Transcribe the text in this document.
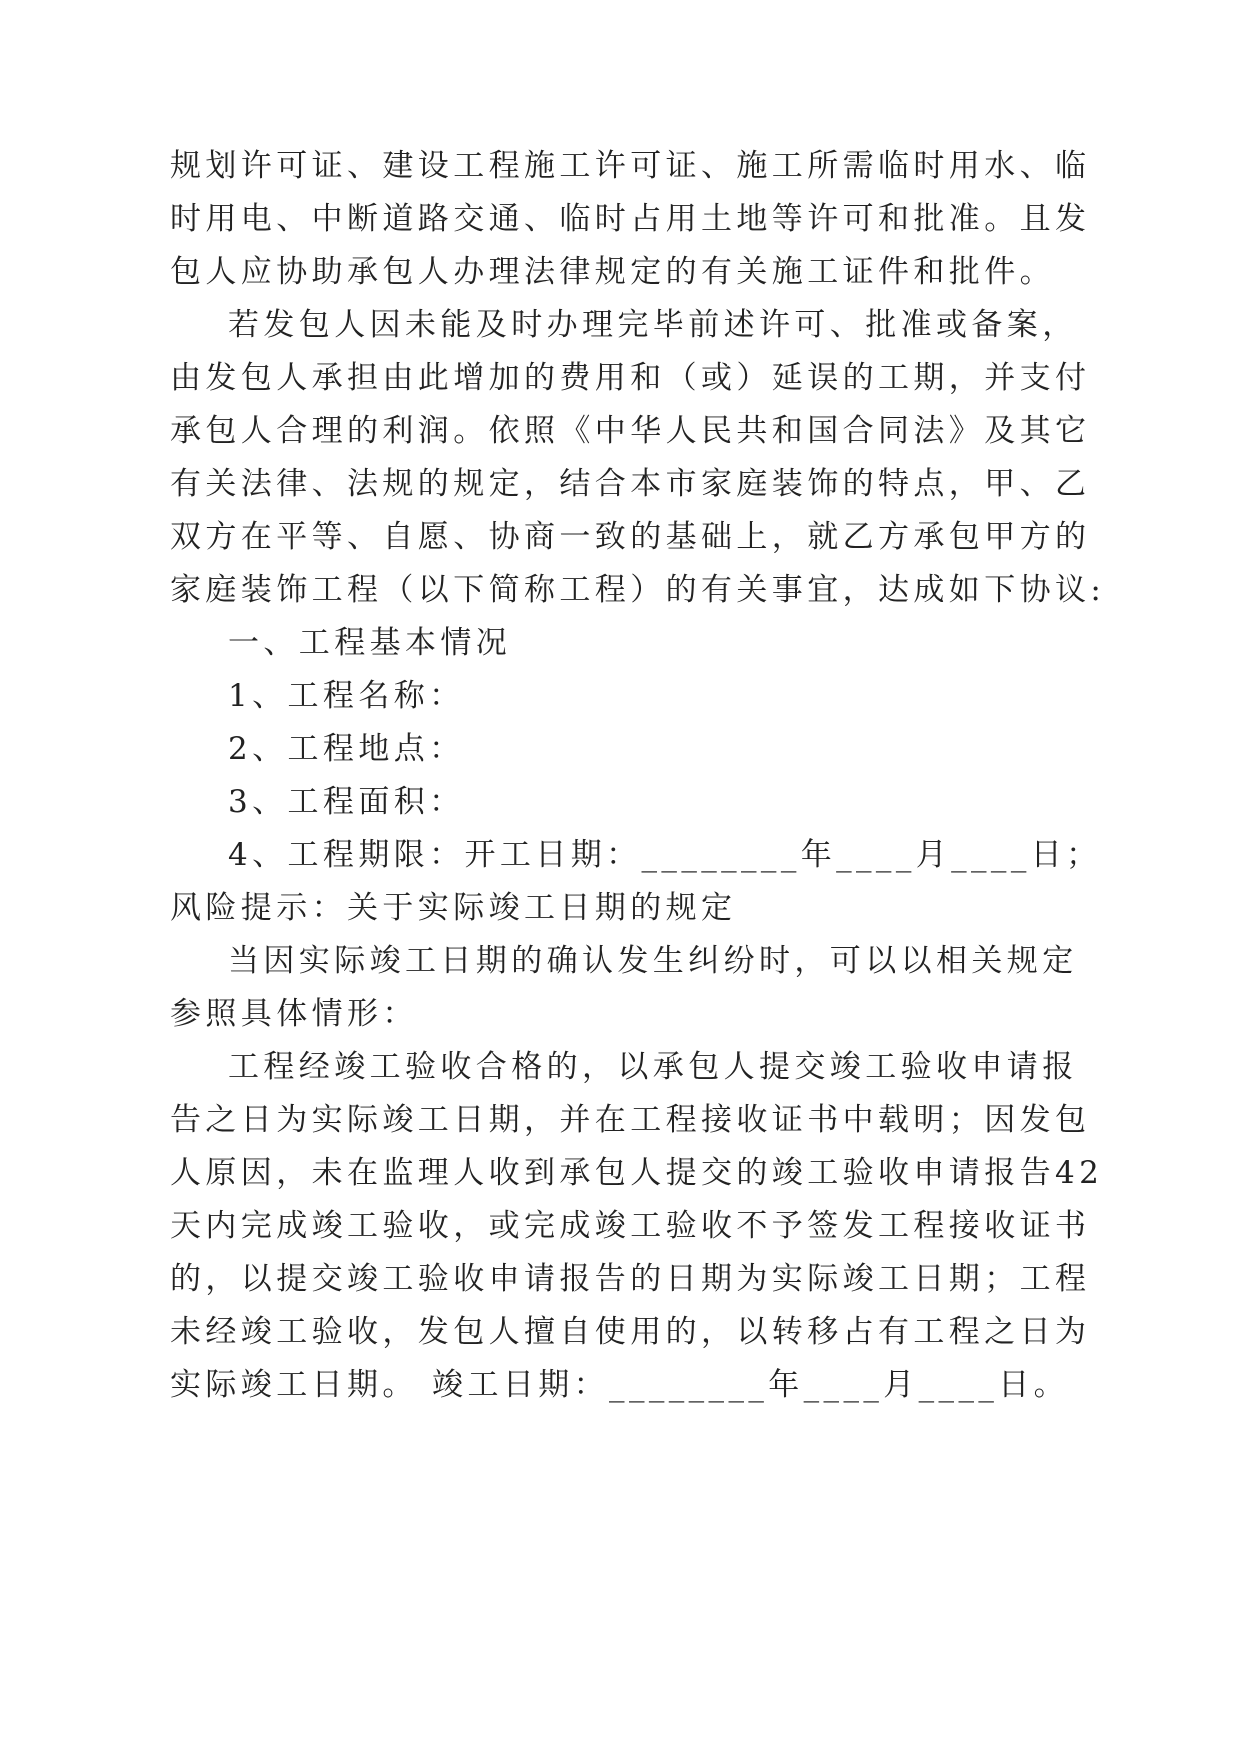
规划许可证、建设工程施工许可证、施工所需临时用水、临
时用电、中断道路交通、临时占用土地等许可和批准。且发
包人应协助承包人办理法律规定的有关施工证件和批件。
若发包人因未能及时办理完毕前述许可、批准或备案，
由发包人承担由此增加的费用和（或）延误的工期，并支付
承包人合理的利润。依照《中华人民共和国合同法》及其它
有关法律、法规的规定，结合本市家庭装饰的特点，甲、乙
双方在平等、自愿、协商一致的基础上，就乙方承包甲方的
家庭装饰工程（以下简称工程）的有关事宜，达成如下协议:
一、工程基本情况
1、工程名称：
2、工程地点：
3、工程面积：
4、工程期限：开工日期：________年____月____日；
风险提示：关于实际竣工日期的规定
当因实际竣工日期的确认发生纠纷时，可以以相关规定
参照具体情形：
工程经竣工验收合格的，以承包人提交竣工验收申请报
告之日为实际竣工日期，并在工程接收证书中载明；因发包
人原因，未在监理人收到承包人提交的竣工验收申请报告42
天内完成竣工验收，或完成竣工验收不予签发工程接收证书
的，以提交竣工验收申请报告的日期为实际竣工日期；工程
未经竣工验收，发包人擅自使用的，以转移占有工程之日为
实际竣工日期。 竣工日期：________年____月____日。
